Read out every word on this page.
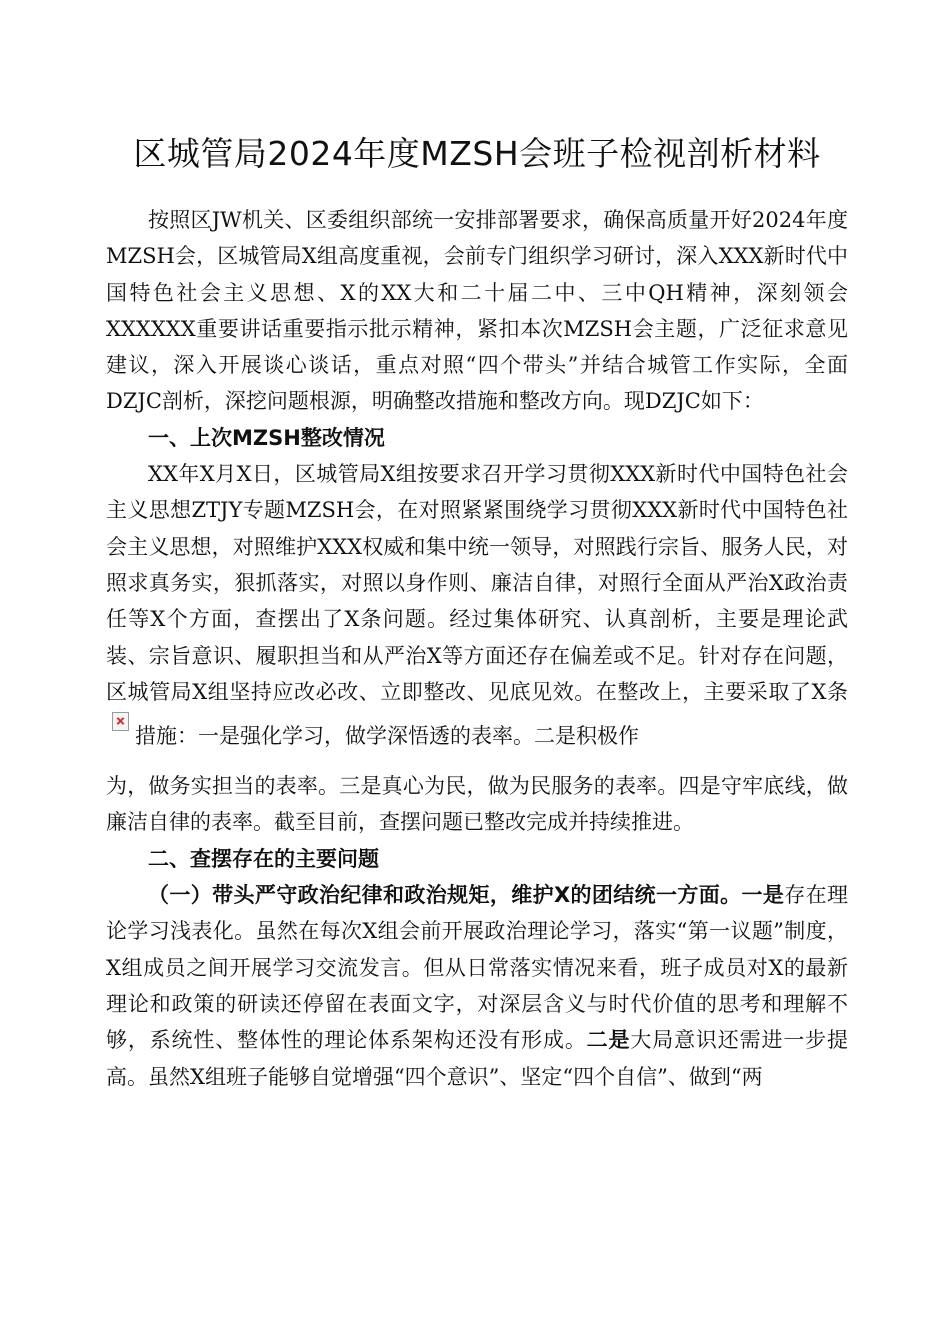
区城管局2024年度MZSH会班子检视剖析材料

按照区JW机关、区委组织部统一安排部署要求，确保高质量开好2024年度MZSH会，区城管局X组高度重视，会前专门组织学习研讨，深入XXX新时代中国特色社会主义思想、X的XX大和二十届二中、三中QH精神，深刻领会XXXXXX重要讲话重要指示批示精神，紧扣本次MZSH会主题，广泛征求意见建议，深入开展谈心谈话，重点对照“四个带头”并结合城管工作实际，全面DZJC剖析，深挖问题根源，明确整改措施和整改方向。现DZJC如下：

一、上次MZSH整改情况

XX年X月X日，区城管局X组按要求召开学习贯彻XXX新时代中国特色社会主义思想ZTJY专题MZSH会，在对照紧紧围绕学习贯彻XXX新时代中国特色社会主义思想，对照维护XXX权威和集中统一领导，对照践行宗旨、服务人民，对照求真务实，狠抓落实，对照以身作则、廉洁自律，对照行全面从严治X政治责任等X个方面，查摆出了X条问题。经过集体研究、认真剖析，主要是理论武装、宗旨意识、履职担当和从严治X等方面还存在偏差或不足。针对存在问题，区城管局X组坚持应改必改、立即整改、见底见效。在整改上，主要采取了X条措施：一是强化学习，做学深悟透的表率。二是积极作

为，做务实担当的表率。三是真心为民，做为民服务的表率。四是守牢底线，做廉洁自律的表率。截至目前，查摆问题已整改完成并持续推进。

二、查摆存在的主要问题

（一）带头严守政治纪律和政治规矩，维护X的团结统一方面。一是存在理论学习浅表化。虽然在每次X组会前开展政治理论学习，落实“第一议题”制度，X组成员之间开展学习交流发言。但从日常落实情况来看，班子成员对X的最新理论和政策的研读还停留在表面文字，对深层含义与时代价值的思考和理解不够，系统性、整体性的理论体系架构还没有形成。二是大局意识还需进一步提高。虽然X组班子能够自觉增强“四个意识”、坚定“四个自信”、做到“两
